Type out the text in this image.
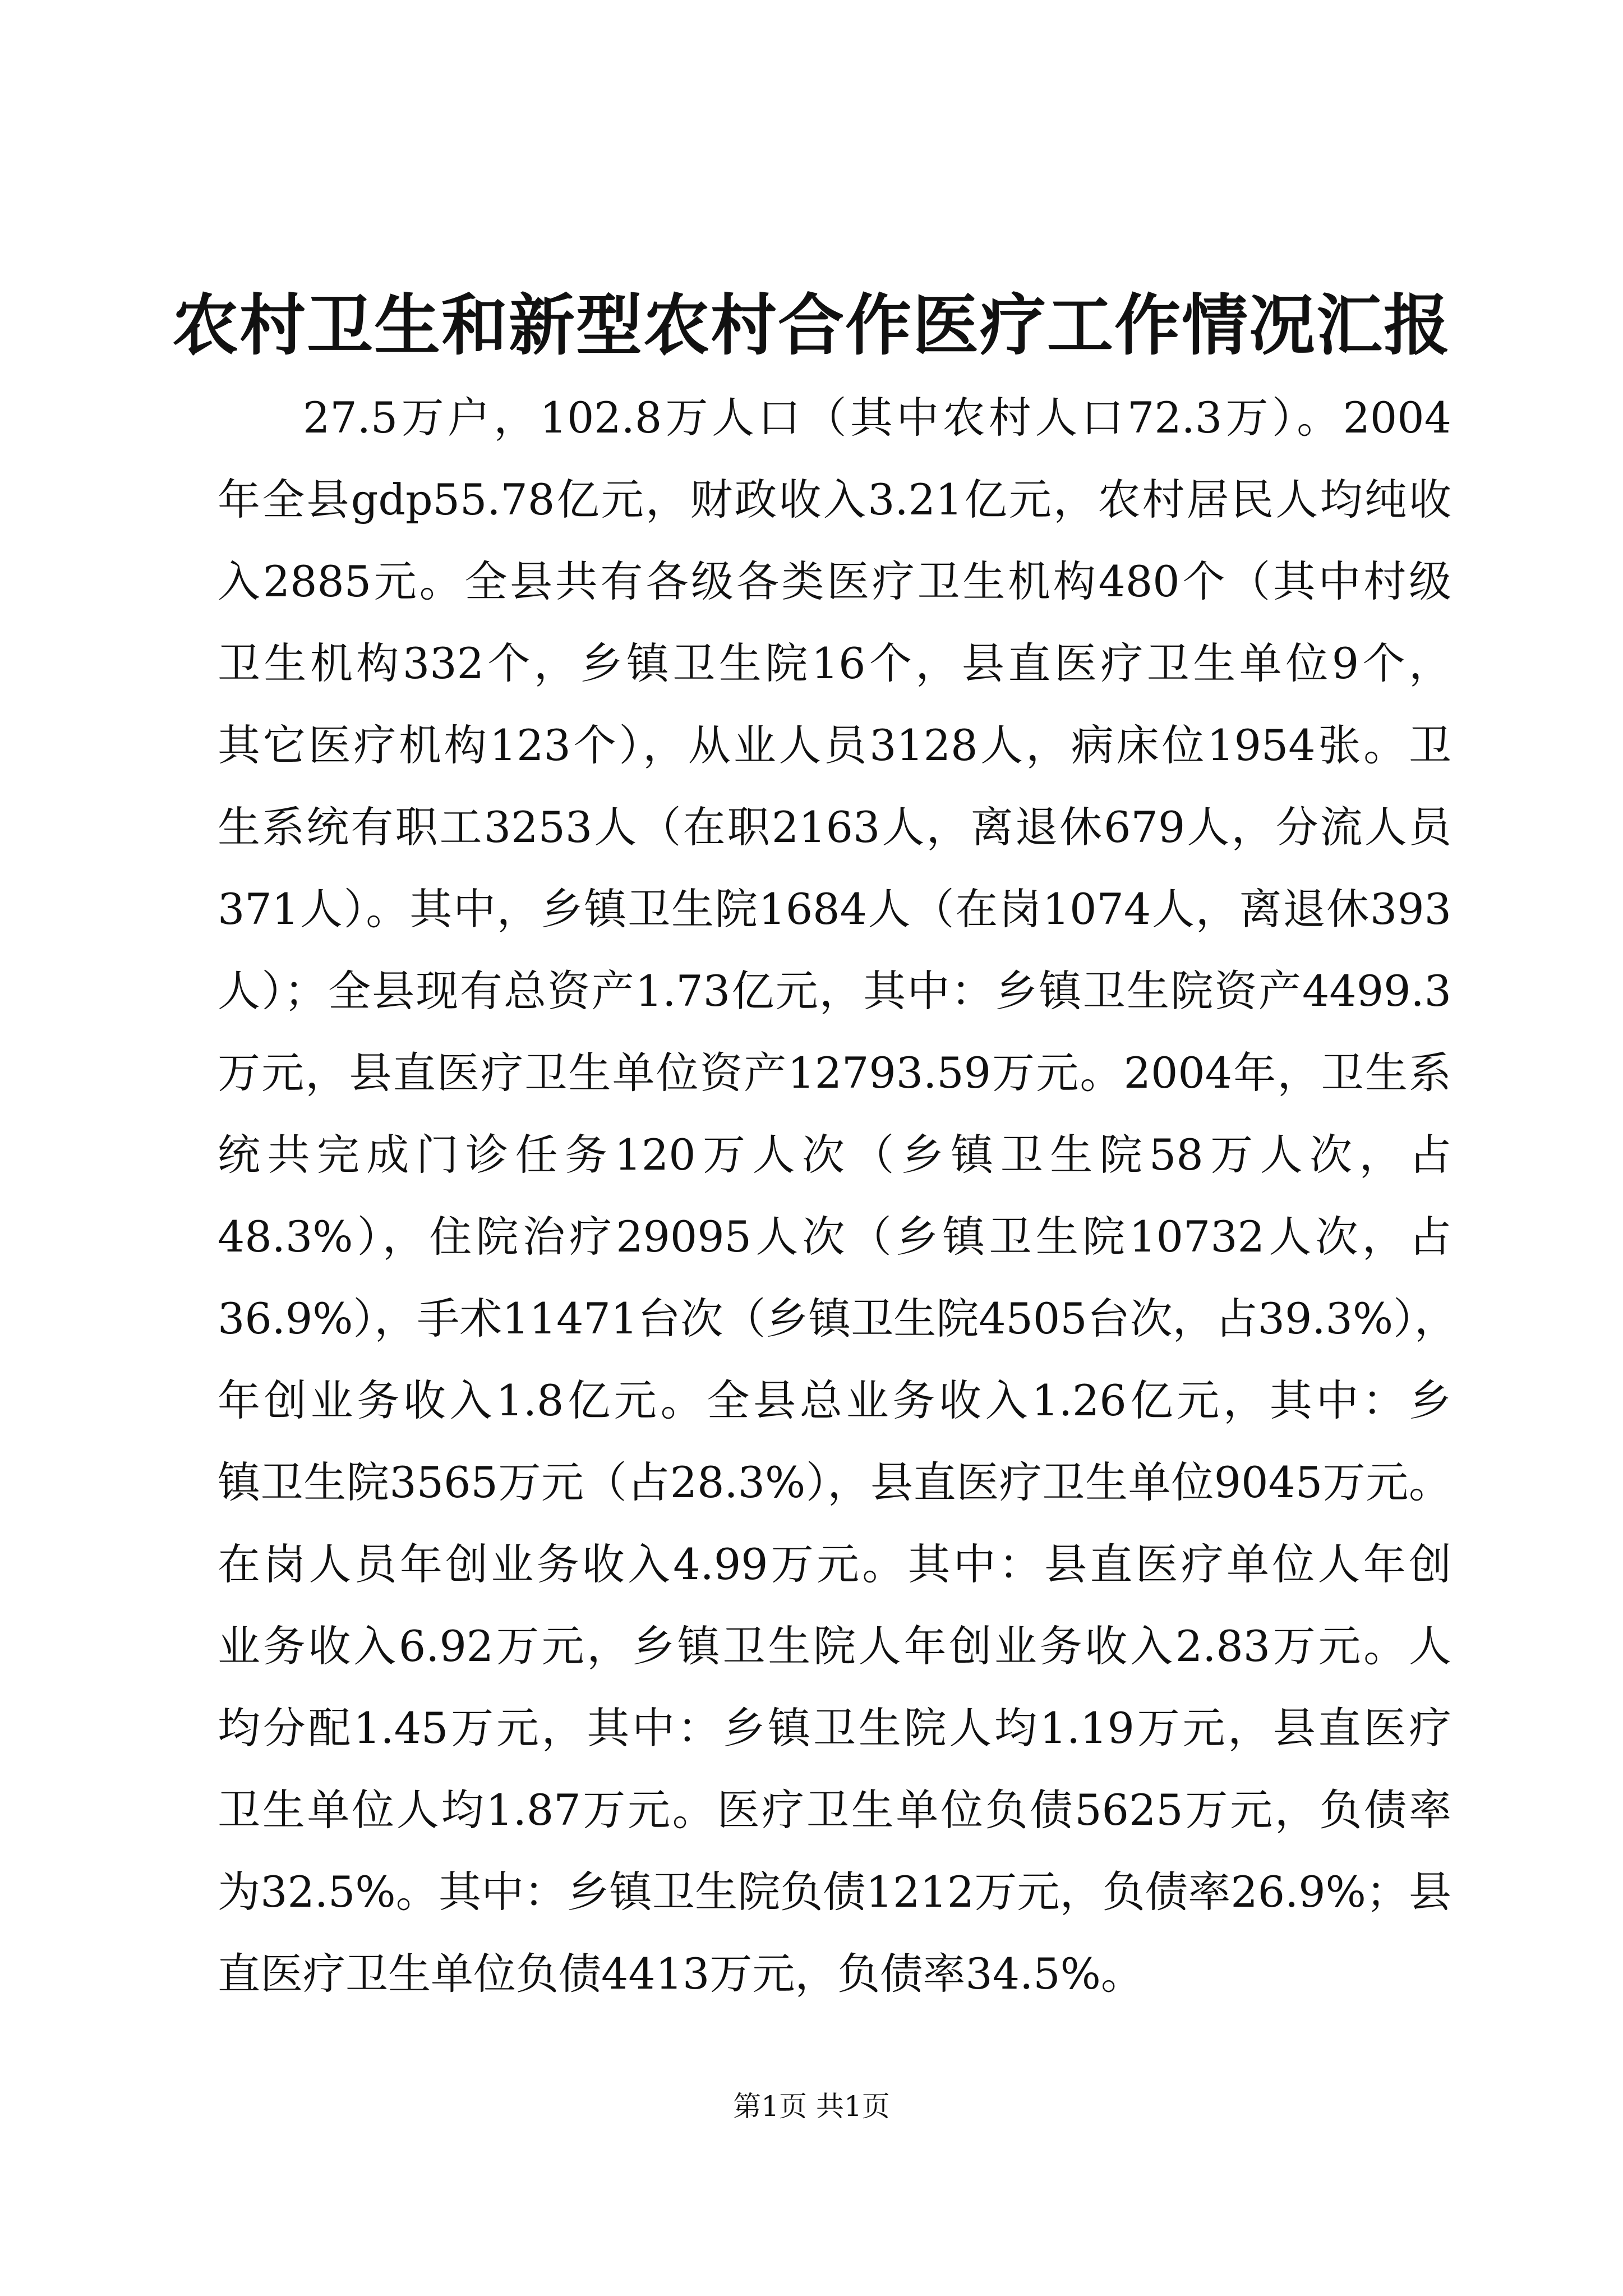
农村卫生和新型农村合作医疗工作情况汇报
27.5万户，102.8万人口（其中农村人口72.3万）。2004
年全县gdp55.78亿元，财政收入3.21亿元，农村居民人均纯收
入2885元。全县共有各级各类医疗卫生机构480个（其中村级
卫生机构332个，乡镇卫生院16个，县直医疗卫生单位9个，
其它医疗机构123个），从业人员3128人，病床位1954张。卫
生系统有职工3253人（在职2163人，离退休679人，分流人员
371人）。其中，乡镇卫生院1684人（在岗1074人，离退休393
人）；全县现有总资产1.73亿元，其中：乡镇卫生院资产4499.3
万元，县直医疗卫生单位资产12793.59万元。2004年，卫生系
统共完成门诊任务120万人次（乡镇卫生院58万人次，占
48.3%），住院治疗29095人次（乡镇卫生院10732人次，占
36.9%），手术11471台次（乡镇卫生院4505台次，占39.3%），
年创业务收入1.8亿元。全县总业务收入1.26亿元，其中：乡
镇卫生院3565万元（占28.3%），县直医疗卫生单位9045万元。
在岗人员年创业务收入4.99万元。其中：县直医疗单位人年创
业务收入6.92万元，乡镇卫生院人年创业务收入2.83万元。人
均分配1.45万元，其中：乡镇卫生院人均1.19万元，县直医疗
卫生单位人均1.87万元。医疗卫生单位负债5625万元，负债率
为32.5%。其中：乡镇卫生院负债1212万元，负债率26.9%；县
直医疗卫生单位负债4413万元，负债率34.5%。
第1页 共1页
